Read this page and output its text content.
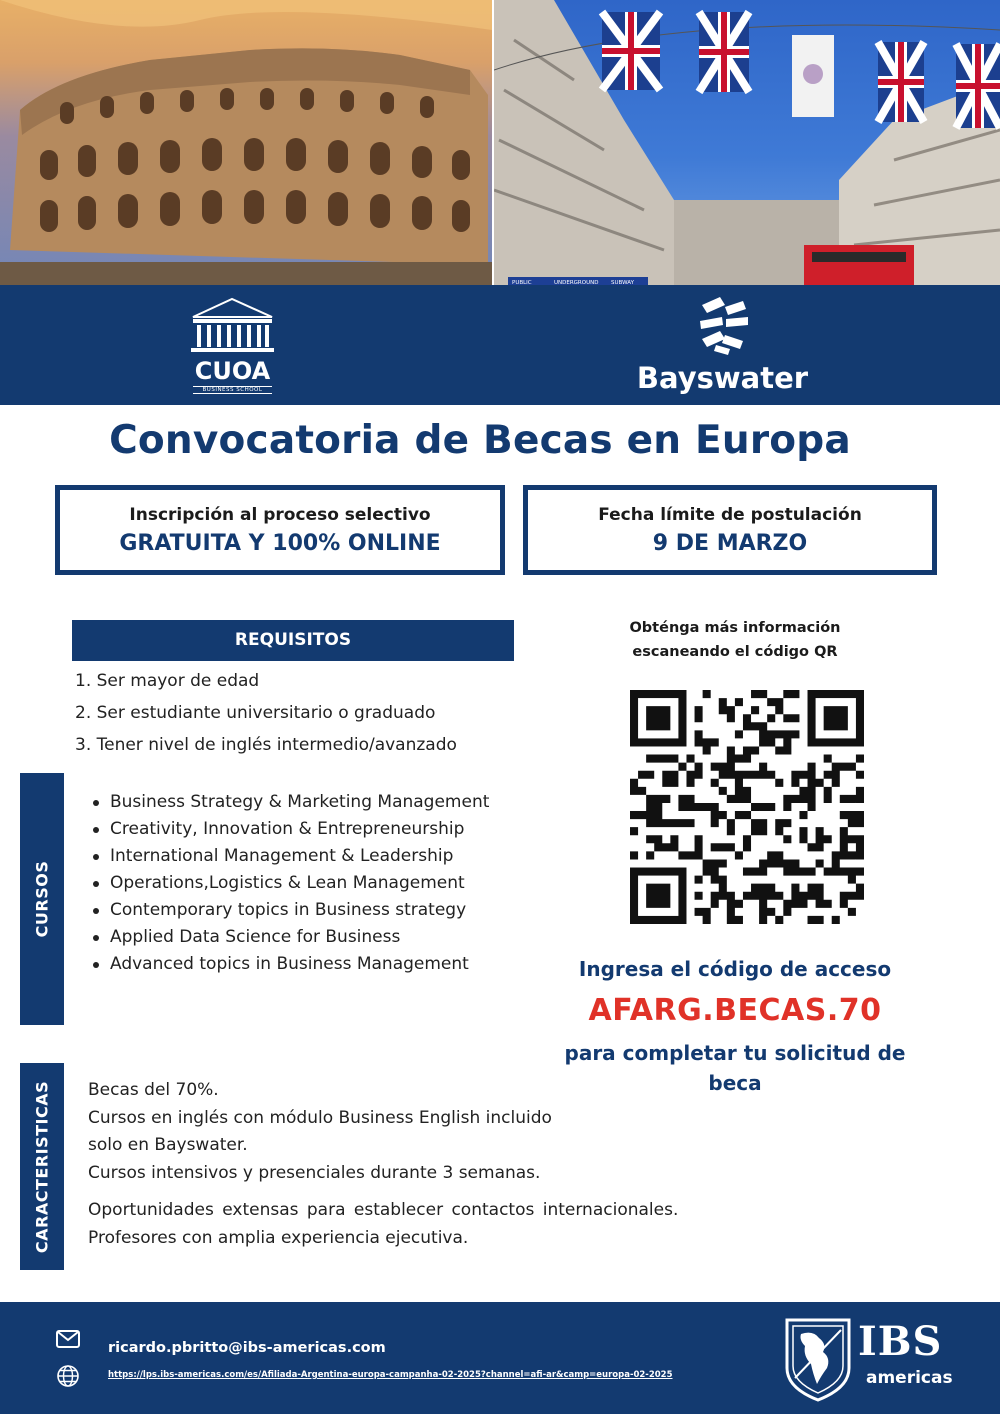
PUBLIC	UNDERGROUND SUBWAY
CUOA
BUSINESS SCHOOL	Bayswater
Convocatoria de Becas en Europa
Inscripción al proceso selectivo
GRATUITA Y 100% ONLINE
Fecha límite de postulación
9 DE MARZO
REQUISITOS
1. Ser mayor de edad
2. Ser estudiante universitario o graduado
3. Tener nivel de inglés intermedio/avanzado
CURSOS
Business Strategy & Marketing Management
Creativity, Innovation & Entrepreneurship
International Management & Leadership
Operations,Logistics & Lean Management
Contemporary topics in Business strategy
Applied Data Science for Business
Advanced topics in Business Management
Obténga más información
escaneando el código QR
Ingresa el código de acceso
AFARG.BECAS.70
para completar tu solicitud de
beca
CARACTERISTICAS Becas del 70%.
Cursos en inglés con módulo Business English incluido
solo en Bayswater.
Cursos intensivos y presenciales durante 3 semanas.
Oportunidades extensas para establecer contactos internacionales.
Profesores con amplia experiencia ejecutiva.
ricardo.pbritto@ibs-americas.com
https://lps.ibs-americas.com/es/Afiliada-Argentina-europa-campanha-02-2025?channel=afi-ar&camp=europa-02-2025
IBS
americas
